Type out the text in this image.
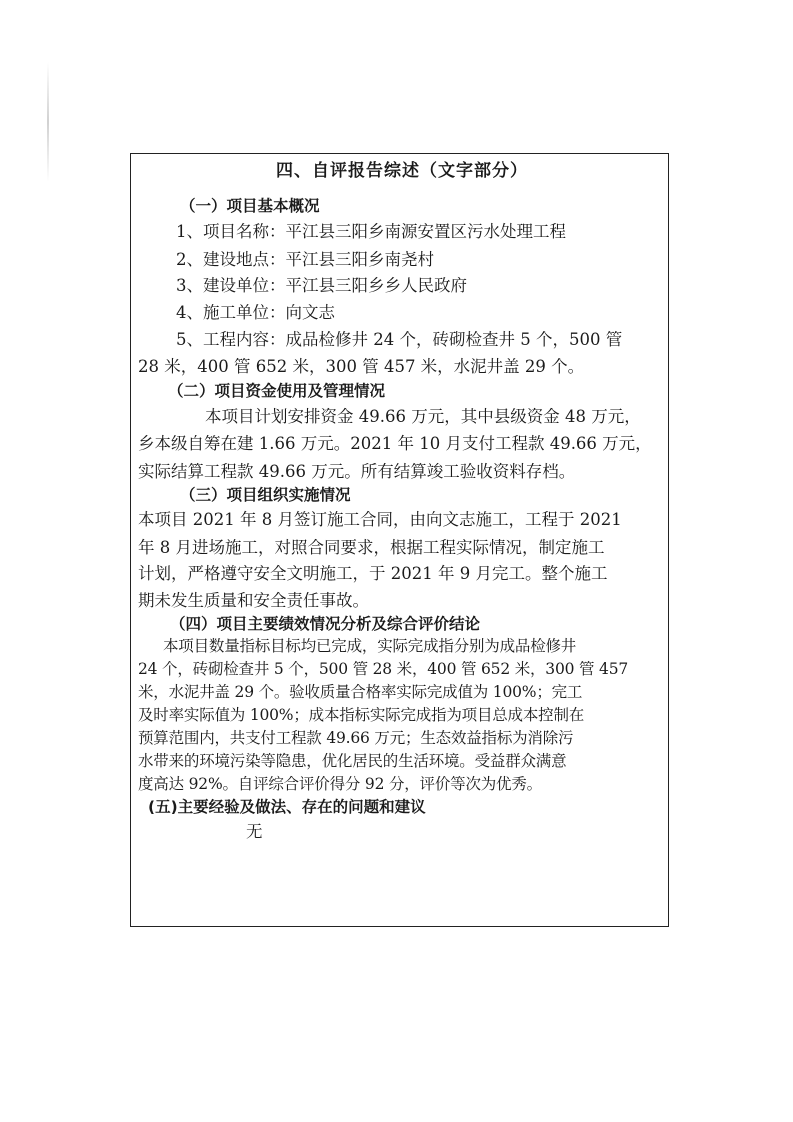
四、自评报告综述（文字部分）
（一）项目基本概况
1、项目名称：平江县三阳乡南源安置区污水处理工程
2、建设地点：平江县三阳乡南尧村
3、建设单位：平江县三阳乡乡人民政府
4、施工单位：向文志
5、工程内容：成品检修井 24 个，砖砌检查井 5 个，500 管
28 米，400 管 652 米，300 管 457 米，水泥井盖 29 个。
（二）项目资金使用及管理情况
本项目计划安排资金 49.66 万元，其中县级资金 48 万元，
乡本级自筹在建 1.66 万元。2021 年 10 月支付工程款 49.66 万元，
实际结算工程款 49.66 万元。所有结算竣工验收资料存档。
（三）项目组织实施情况
本项目 2021 年 8 月签订施工合同，由向文志施工，工程于 2021
年 8 月进场施工，对照合同要求，根据工程实际情况，制定施工
计划，严格遵守安全文明施工，于 2021 年 9 月完工。整个施工
期未发生质量和安全责任事故。
（四）项目主要绩效情况分析及综合评价结论
本项目数量指标目标均已完成，实际完成指分别为成品检修井
24 个，砖砌检查井 5 个，500 管 28 米，400 管 652 米，300 管 457
米，水泥井盖 29 个。验收质量合格率实际完成值为 100%；完工
及时率实际值为 100%；成本指标实际完成指为项目总成本控制在
预算范围内，共支付工程款 49.66 万元；生态效益指标为消除污
水带来的环境污染等隐患，优化居民的生活环境。受益群众满意
度高达 92%。自评综合评价得分 92 分，评价等次为优秀。
(五)主要经验及做法、存在的问题和建议
无
